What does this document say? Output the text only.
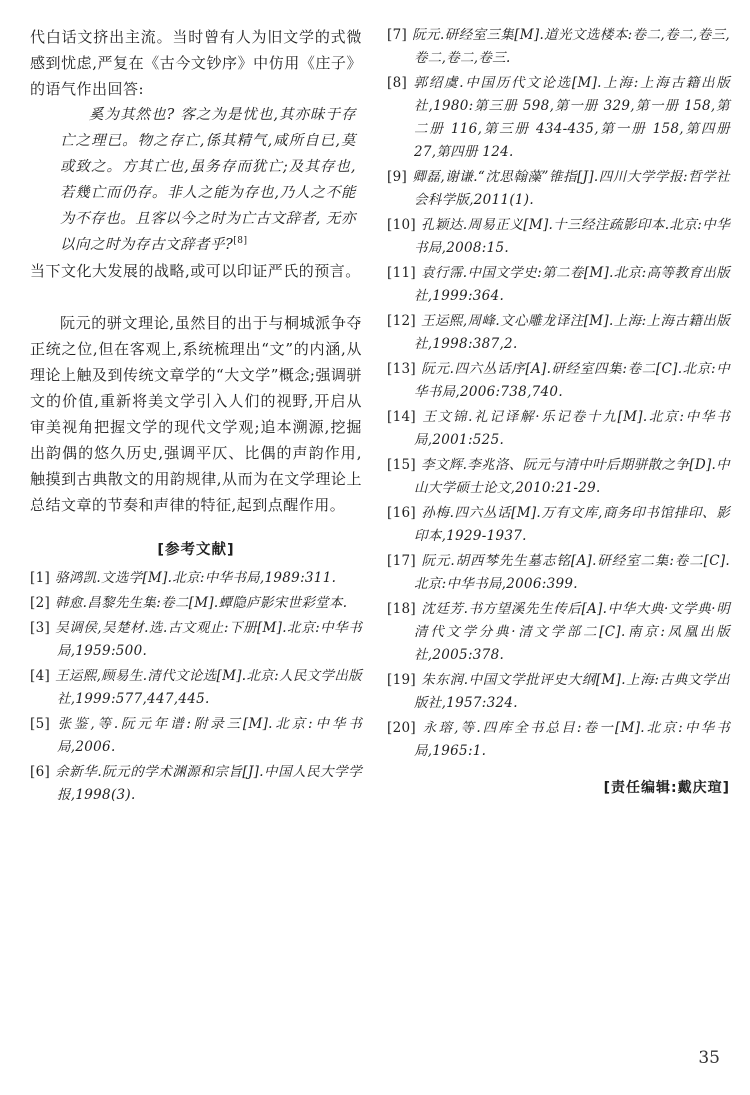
代白话文挤出主流。当时曾有人为旧文学的式微感到忧虑,严复在《古今文钞序》中仿用《庄子》的语气作出回答:

奚为其然也? 客之为是忧也,其亦昧于存亡之理已。物之存亡,係其精气,咸所自已,莫或致之。方其亡也,虽务存而犹亡;及其存也,若幾亡而仍存。非人之能为存也,乃人之不能为不存也。且客以今之时为亡古文辞者, 无亦以向之时为存古文辞者乎?[8]

当下文化大发展的战略,或可以印证严氏的预言。

阮元的骈文理论,虽然目的出于与桐城派争夺正统之位,但在客观上,系统梳理出“文”的内涵,从理论上触及到传统文章学的“大文学”概念;强调骈文的价值,重新将美文学引入人们的视野,开启从审美视角把握文学的现代文学观;追本溯源,挖掘出韵偶的悠久历史,强调平仄、比偶的声韵作用,触摸到古典散文的用韵规律,从而为在文学理论上总结文章的节奏和声律的特征,起到点醒作用。

[参考文献]
[1] 骆鸿凯.文选学[M].北京:中华书局,1989:311.
[2] 韩愈.昌黎先生集:卷二[M].蟫隐庐影宋世彩堂本.
[3] 吴调侯,吴楚材.选.古文观止:下册[M].北京:中华书局,1959:500.
[4] 王运熙,顾易生.清代文论选[M].北京:人民文学出版社,1999:577,447,445.
[5] 张鉴,等.阮元年谱:附录三[M].北京:中华书局,2006.
[6] 余新华.阮元的学术渊源和宗旨[J].中国人民大学学报,1998(3).
[7] 阮元.研经室三集[M].道光文选楼本:卷二,卷二,卷三,卷二,卷二,卷三.
[8] 郭绍虞.中国历代文论选[M].上海:上海古籍出版社,1980:第三册 598,第一册 329,第一册 158,第二册 116,第三册 434-435,第一册 158,第四册 27,第四册 124.
[9] 卿磊,谢谦.“沈思翰藻”锥指[J].四川大学学报:哲学社会科学版,2011(1).
[10] 孔颖达.周易正义[M].十三经注疏影印本.北京:中华书局,2008:15.
[11] 袁行霈.中国文学史:第二卷[M].北京:高等教育出版社,1999:364.
[12] 王运熙,周峰.文心雕龙译注[M].上海:上海古籍出版社,1998:387,2.
[13] 阮元.四六丛话序[A].研经室四集:卷二[C].北京:中华书局,2006:738,740.
[14] 王文锦.礼记译解·乐记卷十九[M].北京:中华书局,2001:525.
[15] 李文辉.李兆洛、阮元与清中叶后期骈散之争[D].中山大学硕士论文,2010:21-29.
[16] 孙梅.四六丛话[M].万有文库,商务印书馆排印、影印本,1929-1937.
[17] 阮元.胡西棽先生墓志铭[A].研经室二集:卷二[C].北京:中华书局,2006:399.
[18] 沈廷芳.书方望溪先生传后[A].中华大典·文学典·明清代文学分典·清文学部二[C].南京:凤凰出版社,2005:378.
[19] 朱东润.中国文学批评史大纲[M].上海:古典文学出版社,1957:324.
[20] 永瑢,等.四库全书总目:卷一[M].北京:中华书局,1965:1.
[责任编辑:戴庆瑄]
35
